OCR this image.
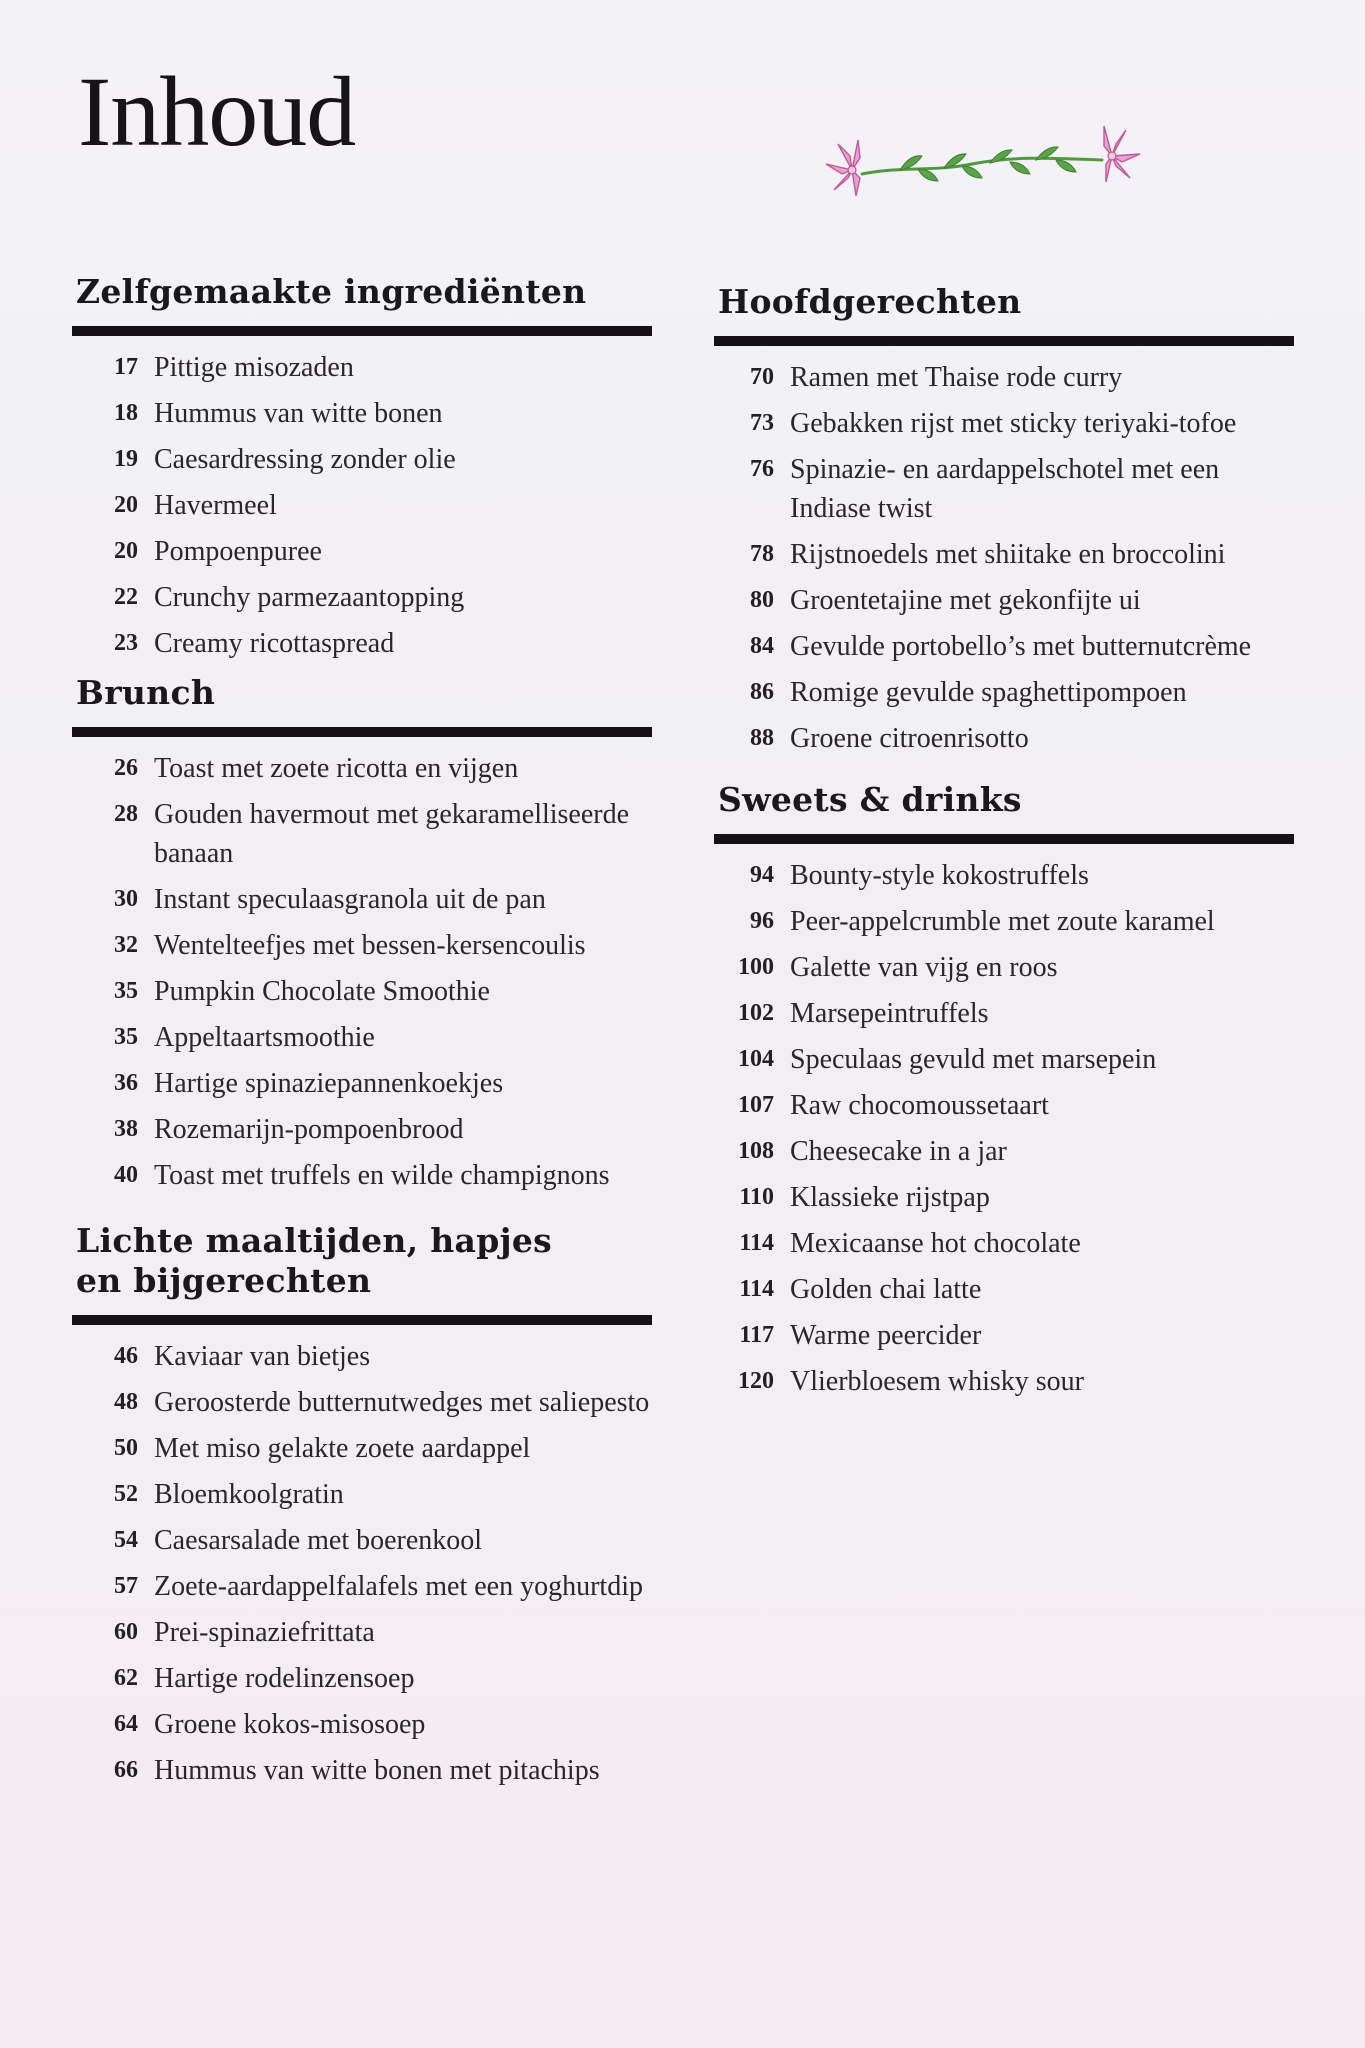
Inhoud
Zelfgemaakte ingrediënten
17 Pittige misozaden
18 Hummus van witte bonen
19 Caesardressing zonder olie
20 Havermeel
20 Pompoenpuree
22 Crunchy parmezaantopping
23 Creamy ricottaspread
Brunch
26 Toast met zoete ricotta en vijgen
28 Gouden havermout met gekaramelliseerde banaan
30 Instant speculaasgranola uit de pan
32 Wentelteefjes met bessen-kersencoulis
35 Pumpkin Chocolate Smoothie
35 Appeltaartsmoothie
36 Hartige spinaziepannenkoekjes
38 Rozemarijn-pompoenbrood
40 Toast met truffels en wilde champignons
Lichte maaltijden, hapjes
en bijgerechten
46 Kaviaar van bietjes
48 Geroosterde butternutwedges met saliepesto
50 Met miso gelakte zoete aardappel
52 Bloemkoolgratin
54 Caesarsalade met boerenkool
57 Zoete-aardappelfalafels met een yoghurtdip
60 Prei-spinaziefrittata
62 Hartige rodelinzensoep
64 Groene kokos-misosoep
66 Hummus van witte bonen met pitachips
Hoofdgerechten
70 Ramen met Thaise rode curry
73 Gebakken rijst met sticky teriyaki-tofoe
76 Spinazie- en aardappelschotel met een Indiase twist
78 Rijstnoedels met shiitake en broccolini
80 Groentetajine met gekonfijte ui
84 Gevulde portobello’s met butternutcrème
86 Romige gevulde spaghettipompoen
88 Groene citroenrisotto
Sweets & drinks
94 Bounty-style kokostruffels
96 Peer-appelcrumble met zoute karamel
100 Galette van vijg en roos
102 Marsepeintruffels
104 Speculaas gevuld met marsepein
107 Raw chocomoussetaart
108 Cheesecake in a jar
110 Klassieke rijstpap
114 Mexicaanse hot chocolate
114 Golden chai latte
117 Warme peercider
120 Vlierbloesem whisky sour
